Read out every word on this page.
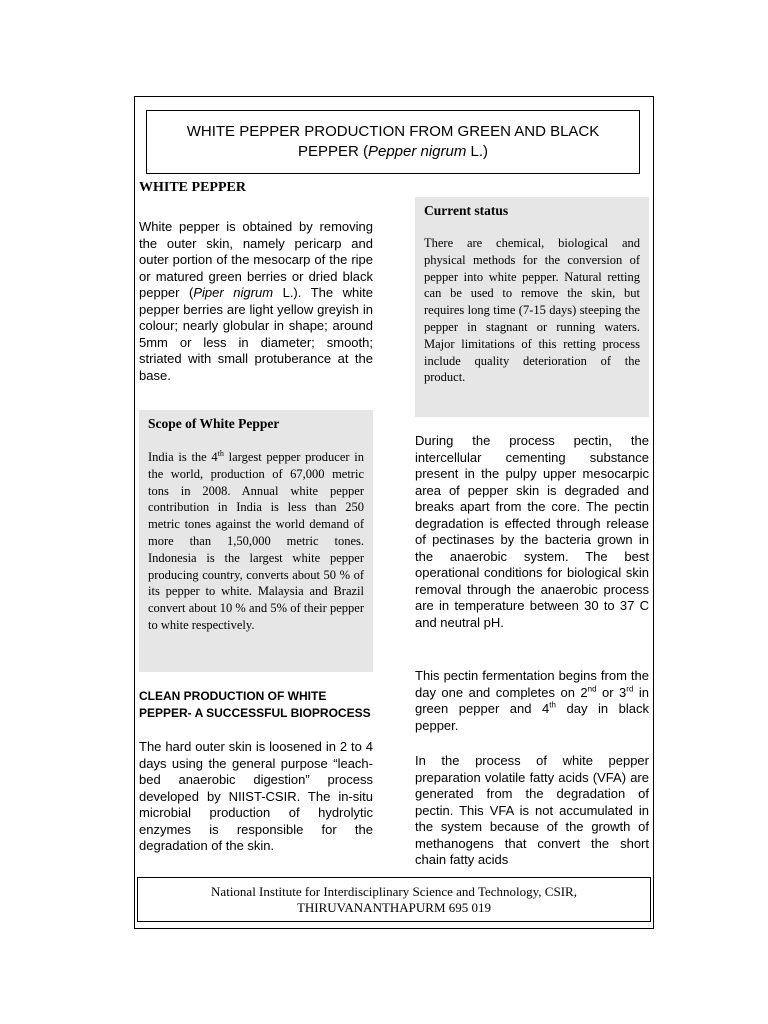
WHITE PEPPER PRODUCTION FROM GREEN AND BLACK
PEPPER (Pepper nigrum L.)
WHITE PEPPER
White pepper is obtained by removing the outer skin, namely pericarp and outer portion of the mesocarp of the ripe or matured green berries or dried black pepper (Piper nigrum L.). The white pepper berries are light yellow greyish in colour; nearly globular in shape; around 5mm or less in diameter; smooth; striated with small protuberance at the base.
Scope of White Pepper
India is the 4th largest pepper producer in the world, production of 67,000 metric tons in 2008. Annual white pepper contribution in India is less than 250 metric tones against the world demand of more than 1,50,000 metric tones. Indonesia is the largest white pepper producing country, converts about 50 % of its pepper to white. Malaysia and Brazil convert about 10 % and 5% of their pepper to white respectively.
CLEAN PRODUCTION OF WHITE
PEPPER- A SUCCESSFUL BIOPROCESS
The hard outer skin is loosened in 2 to 4 days using the general purpose “leach-bed anaerobic digestion” process developed by NIIST-CSIR. The in-situ microbial production of hydrolytic enzymes is responsible for the degradation of the skin.
Current status
There are chemical, biological and physical methods for the conversion of pepper into white pepper. Natural retting can be used to remove the skin, but requires long time (7-15 days) steeping the pepper in stagnant or running waters. Major limitations of this retting process include quality deterioration of the product.
During the process pectin, the intercellular cementing substance present in the pulpy upper mesocarpic area of pepper skin is degraded and breaks apart from the core. The pectin degradation is effected through release of pectinases by the bacteria grown in the anaerobic system. The best operational conditions for biological skin removal through the anaerobic process are in temperature between 30 to 37 C and neutral pH.
This pectin fermentation begins from the day one and completes on 2nd or 3rd in green pepper and 4th day in black pepper.
In the process of white pepper preparation volatile fatty acids (VFA) are generated from the degradation of pectin. This VFA is not accumulated in the system because of the growth of methanogens that convert the short chain fatty acids
National Institute for Interdisciplinary Science and Technology, CSIR,
THIRUVANANTHAPURM 695 019
